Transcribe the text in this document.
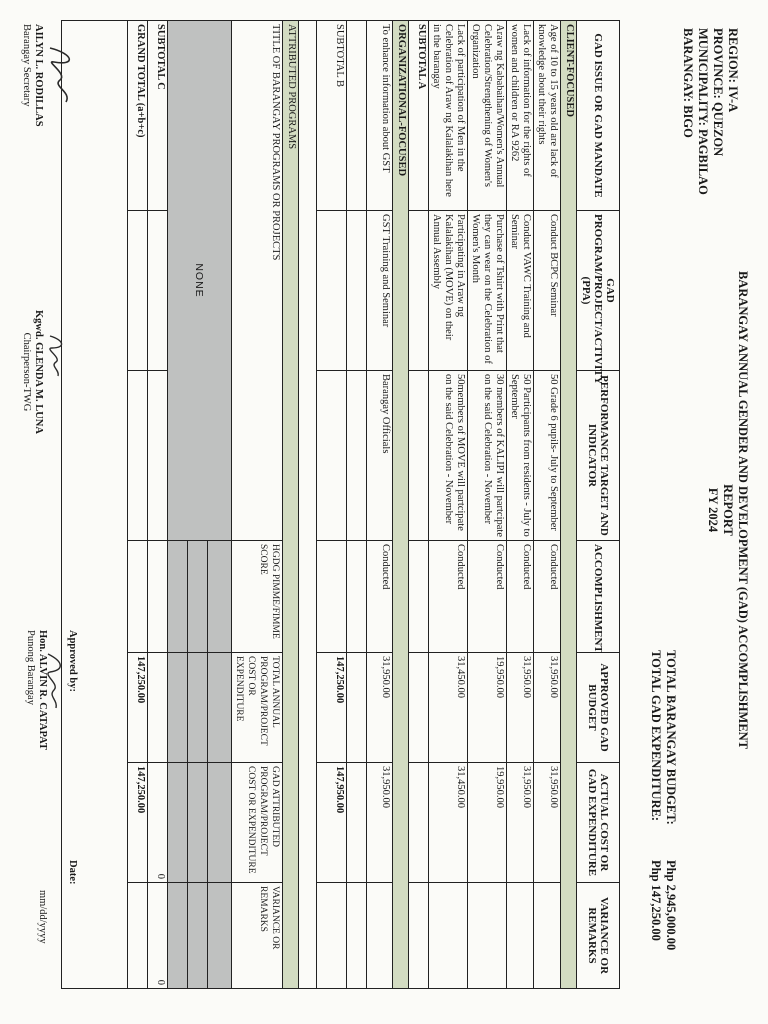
REGION: IV-A
PROVINCE: QUEZON
MUNICIPALITY: PAGBILAO
BARANGAY: BIGO
BARANGAY ANNUAL GENDER AND DEVELOPMENT (GAD) ACCOMPLISHMENT REPORT
FY 2024
TOTAL BARANGAY BUDGET:
Php 2,945,000.00
TOTAL GAD EXPENDITURE:
Php 147,250.00
GAD ISSUE OR GAD MANDATE	GAD PROGRAM/PROJECT/ACTIVITY (PPA)	PERFORMANCE TARGET AND INDICATOR	ACCOMPLISHMENT	APPROVED GAD BUDGET	ACTUAL COST OR GAD EXPENDITURE	VARIANCE OR REMARKS
CLIENT-FOCUSED						
Age of 10 to 15 years old are lack of knowledge about their rights	Conduct BCPC Seminar	50 Grade 6 pupils- July to September	Conducted	31,950.00	31,950.00	
Lack of information for the rights of women and children or RA 9262	Conduct VAWC Training and Seminar	50 Participants from residents - July to September	Conducted	31,950.00	31,950.00	
Araw ng Kababaihan/Women's Annual Celebration/Strengthening of Women's Organization	Purchase of Tshirt with Print that they can wear on the Celebration of Women's Month	30 members of KALIPI will partcipate on the said Celebration - November	Conducted	19,950.00	19,950.00	
Lack of participation of Men in the Celebration of Araw ng Kalalakihan here in the barangay	Participating in Araw ng Kalalakihan (MOVE) on their Annual Assembly	50members of MOVE will partcipate on the said Celebration - November	Conducted	31,450.00	31,450.00	
SUBTOTAL A						
ORGANIZATIONAL-FOCUSED						
To enhance information about GST	GST Training and Seminar	Barangay Officials	Conducted	31,950.00	31,950.00	

SUBTOTAL B				147,250.00	147,950.00	

ATTRIBUTED PROGRAMS						
TITLE OF BARANGAY PROGRAMS OR PROJECTS			HGDG PIMME/FIMME SCORE	TOTAL ANNUAL PROGRAM/PROJECT COST OR EXPENDITURE	GAD ATTRIBUTED PROGRAM/PROJECT COST OR EXPENDITURE	VARIANCE OR REMARKS
NONE						

SUBTOTAL C					0	0
GRAND TOTAL (a+b+c)				147,250.00	147,250.00	

AILYN L. RODILLAS
Barangay Secretary
Kgwd. GLENDA M. LUNA
Chairperson-TWG
Approved by:
Hon. ALVIN R. CATAPAT
Punong Barangay
Date:
mm/dd/yyyy
